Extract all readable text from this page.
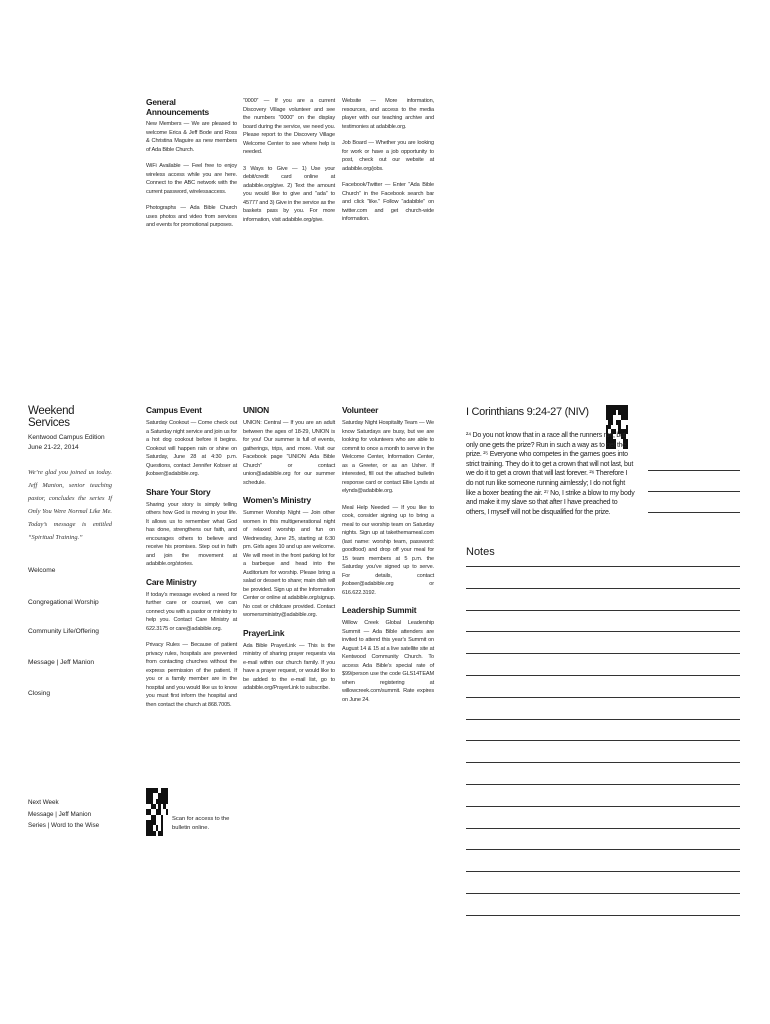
General Announcements

New Members — We are pleased to welcome Erica & Jeff Bode and Ross & Christina Maguire as new members of Ada Bible Church.

WiFi Available — Feel free to enjoy wireless access while you are here. Connect to the ABC network with the current password, wirelessaccess.

Photographs — Ada Bible Church uses photos and video from services and events for promotional purposes.

“0000” — If you are a current Discovery Village volunteer and see the numbers “0000” on the display board during the service, we need you. Please report to the Discovery Village Welcome Center to see where help is needed.

3 Ways to Give — 1) Use your debit/credit card online at adabible.org/give. 2) Text the amount you would like to give and “ada” to 45777 and 3) Give in the service as the baskets pass by you. For more information, visit adabible.org/give.

Website — More information, resources, and access to the media player with our teaching archive and testimonies at adabible.org.

Job Board — Whether you are looking for work or have a job opportunity to post, check out our website at adabible.org/jobs.

Facebook/Twitter — Enter “Ada Bible Church” in the Facebook search bar and click “like.” Follow “adabible” on twitter.com and get church-wide information.

Weekend Services
Kentwood Campus Edition
June 21-22, 2014
We’re glad you joined us today. Jeff Manion, senior teaching pastor, concludes the series If Only You Were Normal Like Me. Today’s message is entitled “Spiritual Training.”
Welcome
Congregational Worship
Community Life/Offering
Message | Jeff Manion
Closing
Next Week
Message | Jeff Manion
Series | Word to the Wise
Campus Event

Saturday Cookout — Come check out a Saturday night service and join us for a hot dog cookout before it begins. Cookout will happen rain or shine on Saturday, June 28 at 4:30 p.m. Questions, contact Jennifer Kobser at jkobser@adabible.org.

Share Your Story

Sharing your story is simply telling others how God is moving in your life. It allows us to remember what God has done, strengthens our faith, and encourages others to believe and receive his promises. Step out in faith and join the movement at adabible.org/stories.

Care Ministry

If today’s message evoked a need for further care or counsel, we can connect you with a pastor or ministry to help you. Contact Care Ministry at 622.3175 or care@adabible.org.

Privacy Rules — Because of patient privacy rules, hospitals are prevented from contacting churches without the express permission of the patient. If you or a family member are in the hospital and you would like us to know you must first inform the hospital and then contact the church at 868.7005.

Scan for access to the
bulletin online.
UNION

UNION: Central — If you are an adult between the ages of 18-29, UNION is for you! Our summer is full of events, gatherings, trips, and more. Visit our Facebook page “UNION Ada Bible Church” or contact union@adabible.org for our summer schedule.

Women’s Ministry

Summer Worship Night — Join other women in this multigenerational night of relaxed worship and fun on Wednesday, June 25, starting at 6:30 pm. Girls ages 10 and up are welcome. We will meet in the front parking lot for a barbeque and head into the Auditorium for worship. Please bring a salad or dessert to share; main dish will be provided. Sign up at the Information Center or online at adabible.org/signup. No cost or childcare provided. Contact womensministry@adabible.org.

PrayerLink

Ada Bible PrayerLink — This is the ministry of sharing prayer requests via e-mail within our church family. If you have a prayer request, or would like to be added to the e-mail list, go to adabible.org/PrayerLink to subscribe.

Volunteer

Saturday Night Hospitality Team — We know Saturdays are busy, but we are looking for volunteers who are able to commit to once a month to serve in the Welcome Center, Information Center, as a Greeter, or as an Usher. If interested, fill out the attached bulletin response card or contact Ellie Lynds at elynds@adabible.org.

Meal Help Needed — If you like to cook, consider signing up to bring a meal to our worship team on Saturday nights. Sign up at takethemameal.com (last name: worship team, password: goodfood) and drop off your meal for 15 team members at 5 p.m. the Saturday you’ve signed up to serve. For details, contact jkobser@adabible.org or 616.622.3192.

Leadership Summit

Willow Creek Global Leadership Summit — Ada Bible attenders are invited to attend this year’s Summit on August 14 & 15 at a live satellite site at Kentwood Community Church. To access Ada Bible’s special rate of $99/person use the code GLS14TEAM when registering at willowcreek.com/summit. Rate expires on June 24.

I Corinthians 9:24-27 (NIV)
²⁴ Do you not know that in a race all the runners run, but only one gets the prize? Run in such a way as to get the prize. ²⁵ Everyone who competes in the games goes into strict training. They do it to get a crown that will not last, but we do it to get a crown that will last forever. ²⁶ Therefore I do not run like someone running aimlessly; I do not fight like a boxer beating the air. ²⁷ No, I strike a blow to my body and make it my slave so that after I have preached to others, I myself will not be disqualified for the prize.
Notes
